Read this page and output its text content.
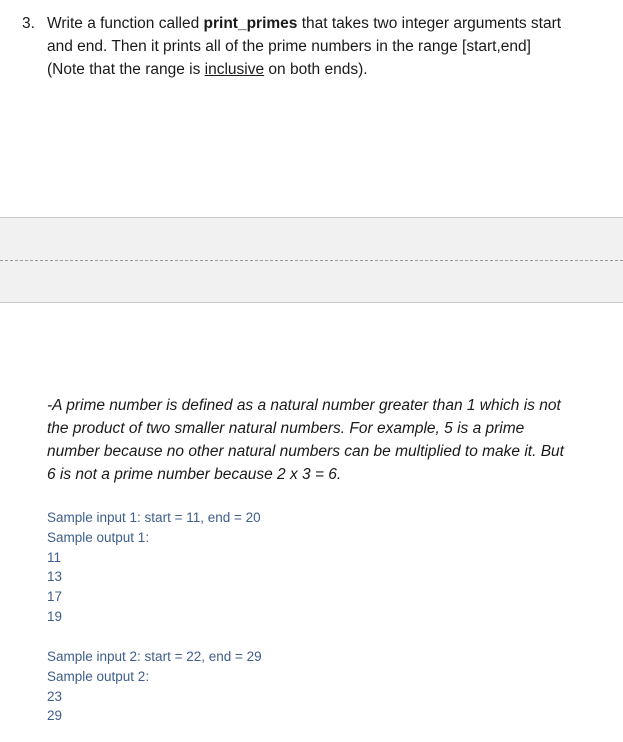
3. Write a function called print_primes that takes two integer arguments start
and end. Then it prints all of the prime numbers in the range [start,end]
(Note that the range is inclusive on both ends).
-A prime number is defined as a natural number greater than 1 which is not
the product of two smaller natural numbers. For example, 5 is a prime
number because no other natural numbers can be multiplied to make it. But
6 is not a prime number because 2 x 3 = 6.
Sample input 1: start = 11, end = 20
Sample output 1:
11
13
17
19
Sample input 2: start = 22, end = 29
Sample output 2:
23
29
